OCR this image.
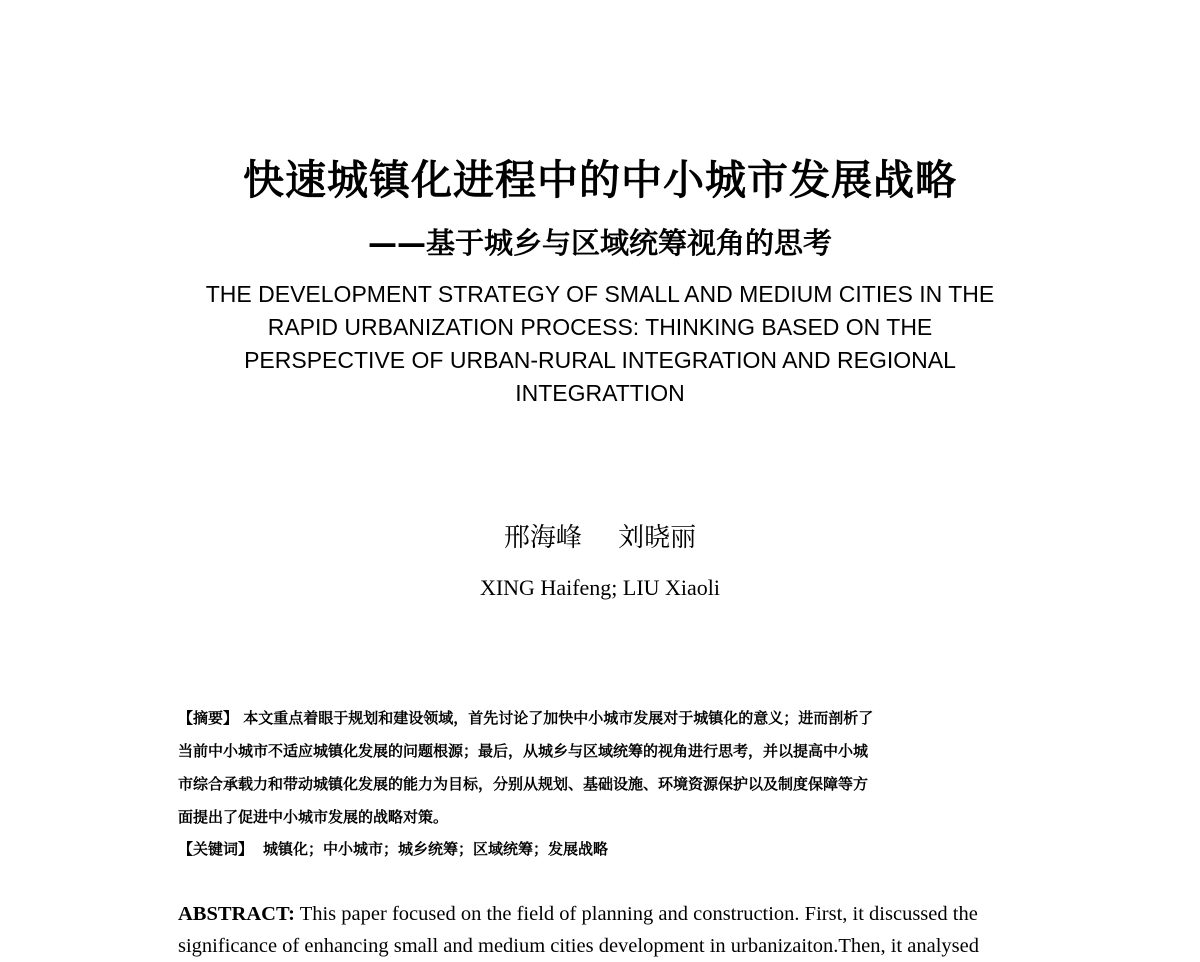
快速城镇化进程中的中小城市发展战略
——基于城乡与区域统筹视角的思考
THE DEVELOPMENT STRATEGY OF SMALL AND MEDIUM CITIES IN THE
RAPID URBANIZATION PROCESS: THINKING BASED ON THE
PERSPECTIVE OF URBAN-RURAL INTEGRATION AND REGIONAL
INTEGRATTION
邢海峰 刘晓丽
XING Haifeng; LIU Xiaoli
【摘要】 本文重点着眼于规划和建设领域，首先讨论了加快中小城市发展对于城镇化的意义；进而剖析了
当前中小城市不适应城镇化发展的问题根源；最后，从城乡与区域统筹的视角进行思考，并以提高中小城
市综合承载力和带动城镇化发展的能力为目标，分别从规划、基础设施、环境资源保护以及制度保障等方
面提出了促进中小城市发展的战略对策。
【关键词】 城镇化；中小城市；城乡统筹；区域统筹；发展战略
ABSTRACT: This paper focused on the field of planning and construction. First, it discussed the
significance of enhancing small and medium cities development in urbanizaiton.Then, it analysed
